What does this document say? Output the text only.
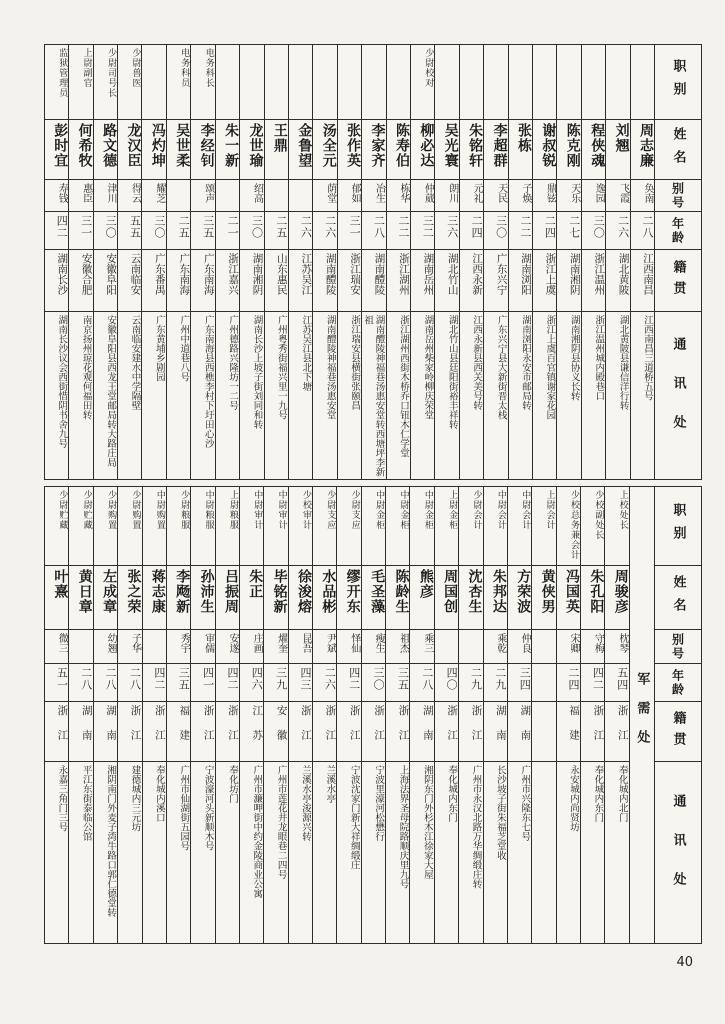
职别
姓名
别号
年龄
籍贯
通讯处
周志廉
奂南
二八
江西南昌
江西南昌三道桥五号
刘翘
飞霞
二六
湖北黄陂
湖北黄陂县谦信洋行转
程侠魂
逸园
三〇
浙江温州
浙江温州城内殿巷口
陈克刚
天乐
二七
湖南湘阴
湖南湘阴县协义长转
谢叔锐
鼎铉
二四
浙江上虞
浙江上虞百官镇谢家花园
张栋
子焕
二二
湖南浏阳
湖南浏阳永安市邮局转
李超群
天民
三〇
广东兴宁
广东兴宁县大新街晋太栈
朱铭轩
元礼
二四
江西永新
江西永新县西关美号转
吴光寰
朗川
三六
湖北竹山
湖北竹山县廷阳街裕丰祥转
少尉校对
柳必达
仲葳
三二
湖南岳州
湖南岳州柴家岭柳庆荣堂
陈寿伯
栋华
二二
浙江湖州
浙江湖州西街木桥乔口钮木仁学堂
李家齐
冶生
二八
湖南醴陵
湖南醴陵神福巷汤惠安堂转西塘坪李新祖
张作英
郁如
三一
浙江瑞安
浙江瑞安县横街张颐昌
汤全元
荫堂
二六
湖南醴陵
湖南醴陵神福巷汤惠安堂
金鲁望
二六
江苏吴江
江苏吴江县北下塘
王鼎
二五
山东惠民
广州粤秀街福兴里一九号
龙世瑜
绍高
三〇
湖南湘阴
湖南长沙上坡子街刘同和转
朱一新
二一
浙江嘉兴
广州德路兴隆坊一二号
电务科长
李经钊
颂声
三五
广东南海
广东南海县西樵李村下圩田心沙
电务科员
吴世柔
二五
广东南海
广州中道巷八号
冯灼坤
耀芝
三〇
广东番禺
广东黄埔乡剧园
少尉兽医
龙汉臣
得云
五五
云南临安
云南临安建水中学隔壁
少尉司号长
路文德
津川
三〇
安徽阜阳
安徽阜阳县西龙王堂邮局转大路庄局
上尉副官
何希牧
惠臣
三一
安徽合肥
南京扬州琼花观何福田转
监狱管理员
彭时宜
寿钱
四二
湖南长沙
湖南长沙议会西街惜阴书舍九号
职别
姓名
别号
年龄
籍贯
通讯处
军需处
上校处长
周骏彦
枕琴
五四
浙江
奉化城内北门
少校副处长
朱孔阳
守梅
四二
浙江
奉化城内东门
少校总务兼会计
冯国英
宋卿
二四
福建
永安城内尚贤坊
上尉会计
黄侠男
中尉会计
方荣波
仲良
三四
湖南
广州市兴隆东七号
中尉会计
朱邦达
乘乾
二九
湖南
长沙坡子街朱福芝堂收
少尉会计
沈杏生
二九
浙江
广州市永汉北路万华绸缎庄转
上尉金柜
周国创
四〇
浙江
奉化城内东门
中尉金柜
熊彦
乘三
二八
湖南
湘阴东门外杉木江徐家大屋
中尉金柜
陈龄生
祖杰
三五
浙江
上海法界圣母院路顺庆里九号
中尉金柜
毛圣藻
瘦生
三〇
浙江
宁波里濠河松懋行
少尉支应
缪开东
怿仙
四二
浙江
宁波沈家门新大祥绸缎庄
少尉支应
水品彬
尹斌
二六
浙江
兰溪水亭
少校审计
徐浚熔
昆吾
四三
浙江
兰溪水亭浚源兴转
中尉审计
毕铭新
燿奎
三九
安徽
广州市莲花井龙眼巷二四号
中尉审计
朱正
庄画
四六
江苏
广州市濂呷街中约金陵商业公寓
上尉粮服
吕振周
安遂
四二
浙江
奉化坊门
中尉粮服
孙沛生
审儒
四一
浙江
宁波濠河头新顺木号
少尉粮服
李飏新
秀宇
三五
福建
广州市仙湖街五园号
中尉购置
蒋志康
四二
浙江
奉化城内溪口
少尉购置
张之荣
子华
二八
浙江
建德城内三元坊
少尉购置
左成章
幼翘
二八
湖南
湘阴南门外麦子湾牛路口郭仁德堂转
少尉贮藏
黄日章
二八
湖南
平江东街泰临公馆
少尉贮藏
叶熹
微三
五一
浙江
永嘉三角门三号
40
